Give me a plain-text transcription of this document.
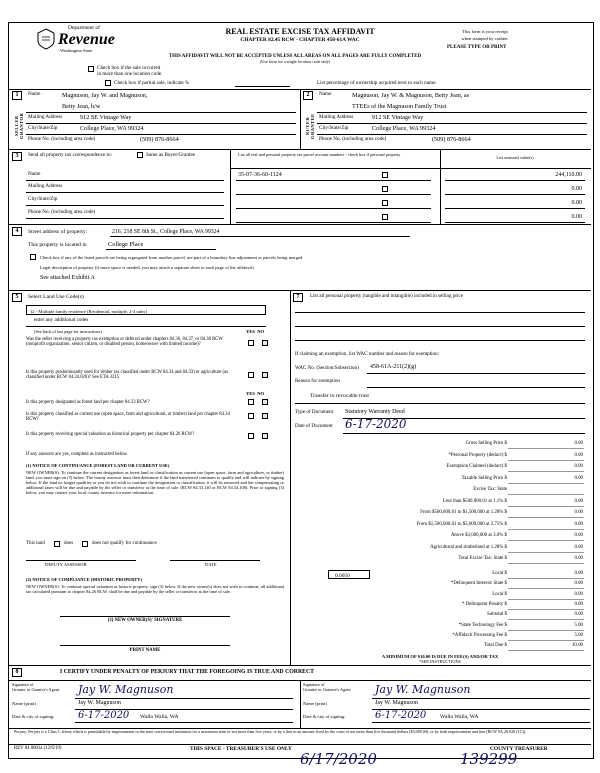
Department of
Revenue
Washington State
REAL ESTATE EXCISE TAX AFFIDAVIT
CHAPTER 82.45 RCW - CHAPTER 458-61A WAC
THIS AFFIDAVIT WILL NOT BE ACCEPTED UNLESS ALL AREAS ON ALL PAGES ARE FULLY COMPLETED
(Use form for a single location code only)
This form is your receipt
when stamped by cashier.
PLEASE TYPE OR PRINT
Check box if the sale occurred
in more than one location code.
Check box if partial sale, indicate %	List percentage of ownership acquired next to each name.
1
SELLER GRANTOR
Name	Magnuson, Jay W. and Magnuson,
Betty Jean, h/w
Mailing Address	912 SE Vintage Way
City/State/Zip	College Place, WA 99324
Phone No. (including area code)	(509) 876-8664
2
BUYER GRANTEE
Name	Magnuson, Jay W. & Magnuson, Betty Jean, as
TTEEs of the Magnuson Family Trust
Mailing Address	912 SE Vintage Way
City/State/Zip	College Place, WA 99324
Phone No. (including area code)	(509) 876-8664
3	Send all property tax correspondence to:	Same as Buyer/Grantee	List all real and personal property tax parcel account numbers - check box if personal property
List assessed value(s)
Name
Mailing Address
City/State/Zip
Phone No. (including area code)
35-07-36-60-1124	244,110.00
0.00
0.00
0.00
4	Street address of property:	216, 218 SE 8th St., College Place, WA 99324
This property is located in	College Place
Check box if any of the listed parcels are being segregated from another parcel, are part of a boundary line adjustment or parcels being merged
Legal description of property (if more space is needed, you may attach a separate sheet to each page of the affidavit)
See attached Exhibit A
5	Select Land Use Code(s)
12 - Multiple family residence (Residential, multiple, 2-4 units)
enter any additional codes
(See back of last page for instructions)	YES  NO
Was the seller receiving a property tax exemption or deferral under chapters 84.36, 84.37, or 84.38 RCW (nonprofit organization, senior citizen, or disabled person, homeowner with limited income)?
Is this property predominantly used for timber (as classified under RCW 84.34 and 84.33) or agriculture (as classified under RCW 84.34.020)? See ETA 3215
YES  NO
Is this property designated as forest land per chapter 84.33 RCW?
Is this property classified as current use (open space, farm and agricultural, or timber) land per chapter 84.34 RCW?
Is this property receiving special valuation as historical property per chapter 84.26 RCW?
If any answers are yes, complete as instructed below.
(1) NOTICE OF CONTINUANCE (FOREST LAND OR CURRENT USE)
NEW OWNER(S): To continue the current designation as forest land or classification as current use (open space, farm and agriculture, or timber) land, you must sign on (3) below. The county assessor must then determine if the land transferred continues to qualify and will indicate by signing below. If the land no longer qualifies or you do not wish to continue the designation or classification, it will be removed and the compensating or additional taxes will be due and payable by the seller or transferor at the time of sale. (RCW 84.33.140 or RCW 84.34.108). Prior to signing (3) below, you may contact your local county assessor for more information.
This land	does	does not qualify for continuance
DEPUTY ASSESSOR	DATE
(2) NOTICE OF COMPLIANCE (HISTORIC PROPERTY)
NEW OWNER(S): To continue special valuation as historic property, sign (3) below. If the new owner(s) does not wish to continue, all additional tax calculated pursuant to chapter 84.26 RCW, shall be due and payable by the seller or transferor at the time of sale.
(3) NEW OWNER(S)' SIGNATURE
PRINT NAME
7	List all personal property (tangible and intangible) included in selling price
If claiming an exemption, list WAC number and reason for exemption:
WAC No. (Section/Subsection) 458-61A-211(2)(g)
Reason for exemption
Transfer to revocable trust
Type of Document Statutory Warranty Deed
Date of Document 6-17-2020
Gross Selling Price $	0.00
*Personal Property (deduct) $	0.00
Exemption Claimed (deduct) $	0.00
Taxable Selling Price $	0.00
Excise Tax: State
Less than $500,000.01 at 1.1% $	0.00
From $500,000.01 to $1,500,000 at 1.28% $	0.00
From $1,500,000.01 to $3,000,000 at 2.75% $	0.00
Above $3,000,000 at 3.0% $	0.00
Agricultural and timberland at 1.28% $	0.00
Total Excise Tax: State $	0.00
0.0050	Local $	0.00
*Delinquent Interest: State $	0.00
Local $	0.00
* Delinquent Penalty $	0.00
Subtotal $	0.00
*State Technology Fee $	5.00
*Affidavit Processing Fee $	5.00
Total Due $	10.00
A MINIMUM OF $10.00 IS DUE IN FEE(S) AND/OR TAX
*SEE INSTRUCTIONS
8	I CERTIFY UNDER PENALTY OF PERJURY THAT THE FOREGOING IS TRUE AND CORRECT
Signature of
Grantor or Grantor's Agent
Signature of
Grantee or Grantee's Agent
Jay W. Magnuson	Jay W. Magnuson
Name (print)	Jay W. Magnuson	Name (print)	Jay W. Magnuson
Date & city of signing: 6-17-2020 Walla Walla, WA	Date & city of signing:	6-17-2020 Walla Walla, WA
Perjury: Perjury is a Class C felony which is punishable by imprisonment in the state correctional institution for a maximum term of not more than five years, or by a fine in an amount fixed by the court of not more than five thousand dollars ($5,000.00), or by both imprisonment and fine (RCW 9A.20.020 (1C)).
REV 84 0001a (12/6/19)	THIS SPACE - TREASURER'S USE ONLY	COUNTY TREASURER
6/17/2020	139299
